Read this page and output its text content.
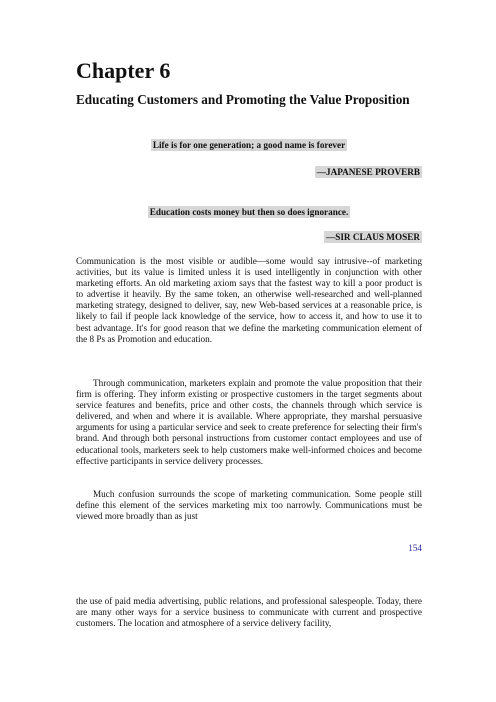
Chapter 6
Educating Customers and Promoting the Value Proposition
Life is for one generation; a good name is forever
—JAPANESE PROVERB
Education costs money but then so does ignorance.
—SIR CLAUS MOSER

Communication is the most visible or audible—some would say intrusive--of marketing activities, but its value is limited unless it is used intelligently in conjunction with other marketing efforts. An old marketing axiom says that the fastest way to kill a poor product is to advertise it heavily. By the same token, an otherwise well-researched and well-planned marketing strategy, designed to deliver, say, new Web-based services at a reasonable price, is likely to fail if people lack knowledge of the service, how to access it, and how to use it to best advantage. It's for good reason that we define the marketing communication element of the 8 Ps as Promotion and education.

Through communication, marketers explain and promote the value proposition that their firm is offering. They inform existing or prospective customers in the target segments about service features and benefits, price and other costs, the channels through which service is delivered, and when and where it is available. Where appropriate, they marshal persuasive arguments for using a particular service and seek to create preference for selecting their firm's brand. And through both personal instructions from customer contact employees and use of educational tools, marketers seek to help customers make well-informed choices and become effective participants in service delivery processes.

Much confusion surrounds the scope of marketing communication. Some people still define this element of the services marketing mix too narrowly. Communications must be viewed more broadly than as just

154

the use of paid media advertising, public relations, and professional salespeople. Today, there are many other ways for a service business to communicate with current and prospective customers. The location and atmosphere of a service delivery facility,
